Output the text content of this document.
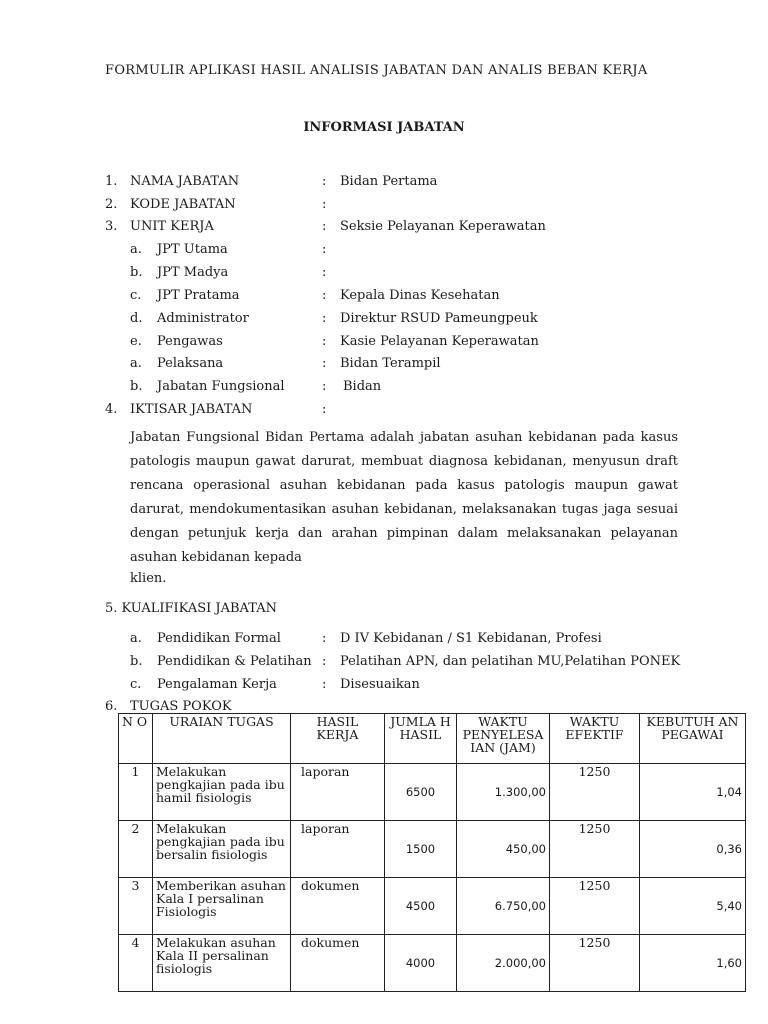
FORMULIR APLIKASI HASIL ANALISIS JABATAN DAN ANALIS BEBAN KERJA
INFORMASI JABATAN
1. NAMA JABATAN	: Bidan Pertama
2. KODE JABATAN	:
3. UNIT KERJA	: Seksie Pelayanan Keperawatan
a. JPT Utama	:
b. JPT Madya	:
c. JPT Pratama	: Kepala Dinas Kesehatan
d. Administrator	: Direktur RSUD Pameungpeuk
e. Pengawas	: Kasie Pelayanan Keperawatan
a. Pelaksana	: Bidan Terampil
b. Jabatan Fungsional	: Bidan
4. IKTISAR JABATAN	:
Jabatan Fungsional Bidan Pertama adalah jabatan asuhan kebidanan pada kasus patologis maupun gawat darurat, membuat diagnosa kebidanan, menyusun draft rencana operasional asuhan kebidanan pada kasus patologis maupun gawat darurat, mendokumentasikan asuhan kebidanan, melaksanakan tugas jaga sesuai dengan petunjuk kerja dan arahan pimpinan dalam melaksanakan pelayanan asuhan kebidanan kepada
klien.
5. KUALIFIKASI JABATAN
a. Pendidikan Formal	: D IV Kebidanan / S1 Kebidanan, Profesi
b. Pendidikan & Pelatihan : Pelatihan APN, dan pelatihan MU,Pelatihan PONEK
c. Pengalaman Kerja	: Disesuaikan
6. TUGAS POKOK
N O	URAIAN TUGAS	HASIL KERJA	JUMLA H HASIL	WAKTU PENYELESA IAN (JAM)	WAKTU EFEKTIF	KEBUTUH AN PEGAWAI
1	Melakukan pengkajian pada ibu hamil fisiologis	laporan	6500	1.300,00	1250	1,04
2	Melakukan pengkajian pada ibu bersalin fisiologis	laporan	1500	450,00	1250	0,36
3	Memberikan asuhan Kala I persalinan Fisiologis	dokumen	4500	6.750,00	1250	5,40
4	Melakukan asuhan Kala II persalinan fisiologis	dokumen	4000	2.000,00	1250	1,60
